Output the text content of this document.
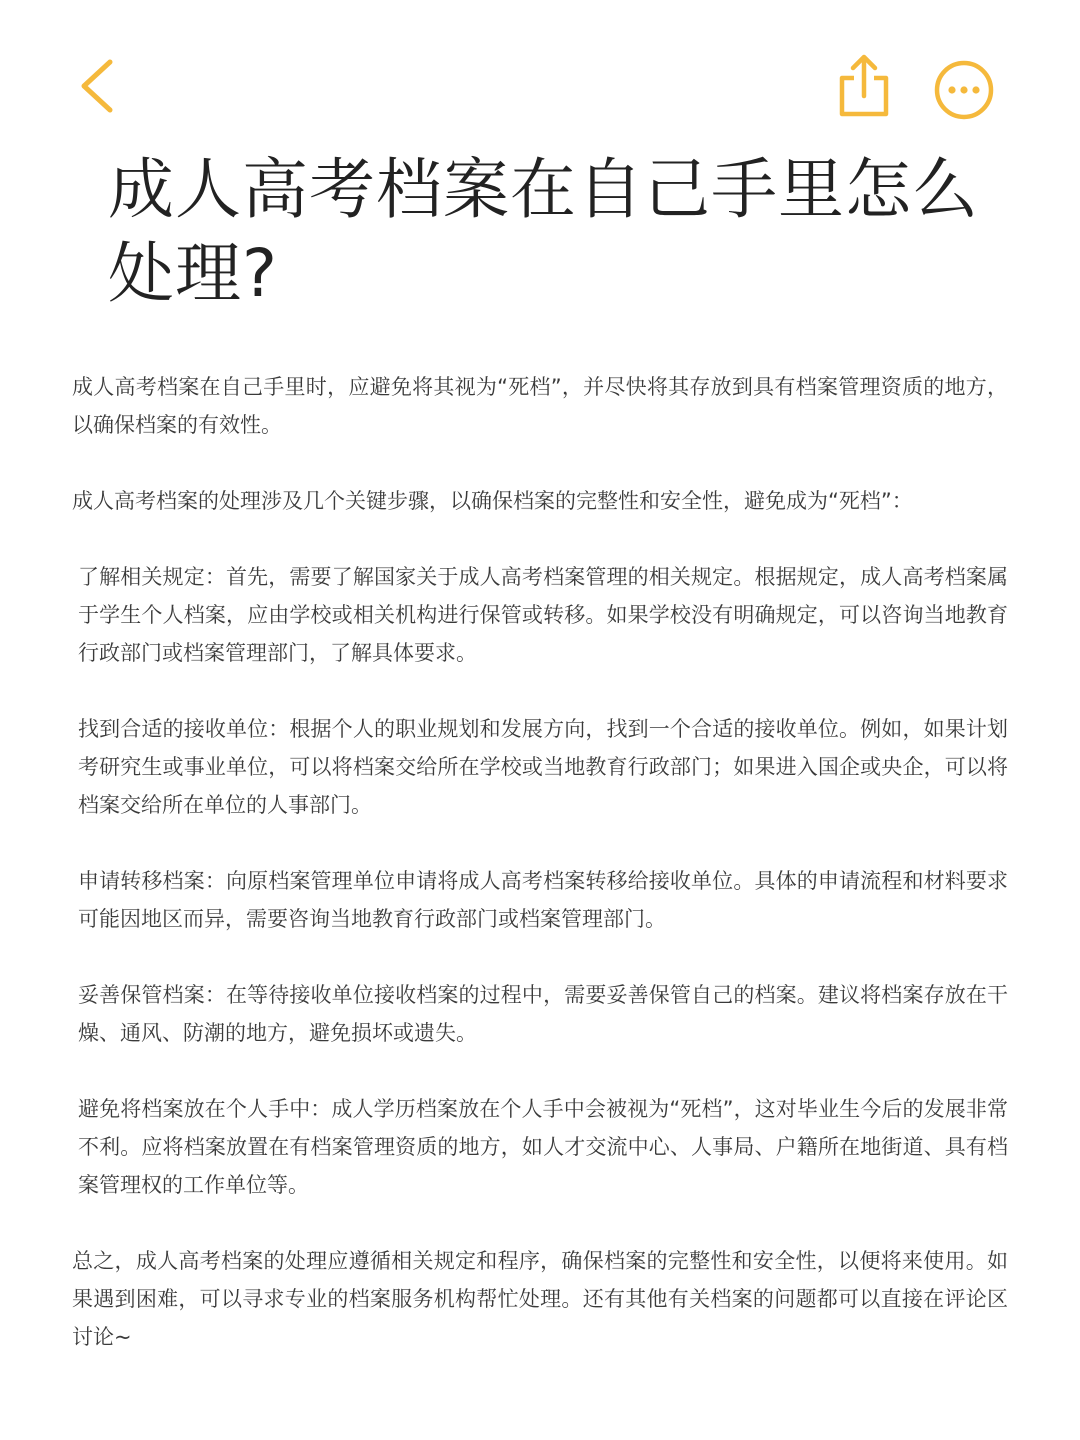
成人高考档案在自己手里怎么处理?

成人高考档案在自己手里时，应避免将其视为“死档”，并尽快将其存放到具有档案管理资质的地方，以确保档案的有效性。

成人高考档案的处理涉及几个关键步骤，以确保档案的完整性和安全性，避免成为“死档”：

了解相关规定：首先，需要了解国家关于成人高考档案管理的相关规定。根据规定，成人高考档案属于学生个人档案，应由学校或相关机构进行保管或转移。如果学校没有明确规定，可以咨询当地教育行政部门或档案管理部门，了解具体要求。

找到合适的接收单位：根据个人的职业规划和发展方向，找到一个合适的接收单位。例如，如果计划考研究生或事业单位，可以将档案交给所在学校或当地教育行政部门；如果进入国企或央企，可以将档案交给所在单位的人事部门。

申请转移档案：向原档案管理单位申请将成人高考档案转移给接收单位。具体的申请流程和材料要求可能因地区而异，需要咨询当地教育行政部门或档案管理部门。

妥善保管档案：在等待接收单位接收档案的过程中，需要妥善保管自己的档案。建议将档案存放在干燥、通风、防潮的地方，避免损坏或遗失。

避免将档案放在个人手中：成人学历档案放在个人手中会被视为“死档”，这对毕业生今后的发展非常不利。应将档案放置在有档案管理资质的地方，如人才交流中心、人事局、户籍所在地街道、具有档案管理权的工作单位等。

总之，成人高考档案的处理应遵循相关规定和程序，确保档案的完整性和安全性，以便将来使用。如果遇到困难，可以寻求专业的档案服务机构帮忙处理。还有其他有关档案的问题都可以直接在评论区讨论~
